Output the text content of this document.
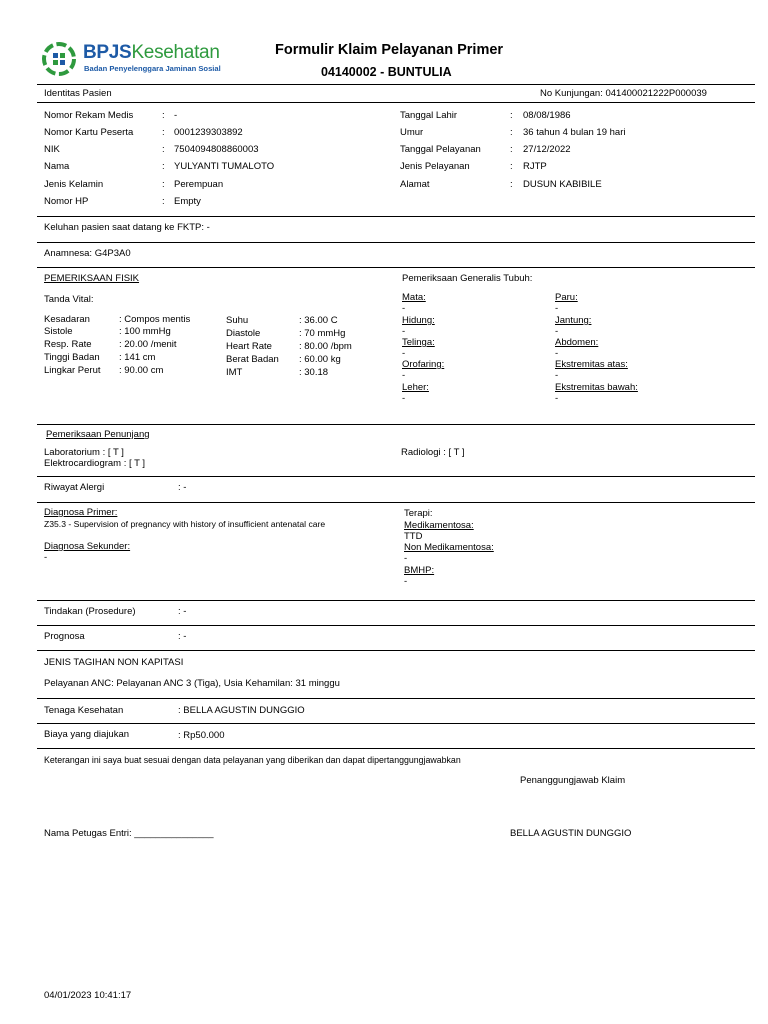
BPJSKesehatan
Badan Penyelenggara Jaminan Sosial
Formulir Klaim Pelayanan Primer
04140002 - BUNTULIA
Identitas Pasien	No Kunjungan: 041400021222P000039
Nomor Rekam Medis	: -
Nomor Kartu Peserta	: 0001239303892
NIK	: 7504094808860003
Nama	: YULYANTI TUMALOTO
Jenis Kelamin	: Perempuan
Nomor HP	: Empty
Tanggal Lahir	: 08/08/1986
Umur	: 36 tahun 4 bulan 19 hari
Tanggal Pelayanan	: 27/12/2022
Jenis Pelayanan	: RJTP
Alamat	: DUSUN KABIBILE
Keluhan pasien saat datang ke FKTP: -
Anamnesa: G4P3A0
PEMERIKSAAN FISIK	Pemeriksaan Generalis Tubuh:
Tanda Vital:
Kesadaran	: Compos mentis
Sistole	: 100 mmHg
Resp. Rate	: 20.00 /menit
Tinggi Badan : 141 cm
Lingkar Perut : 90.00 cm
Suhu	: 36.00 C
Diastole	: 70 mmHg
Heart Rate	: 80.00 /bpm
Berat Badan : 60.00 kg
IMT	: 30.18
Mata:
-
Hidung:
-
Telinga:
-
Orofaring:
-
Leher:
-
Paru:
-
Jantung:
-
Abdomen:
-
Ekstremitas atas:
-
Ekstremitas bawah:
-
Pemeriksaan Penunjang
Laboratorium : [ T ]
Elektrocardiogram : [ T ]
Radiologi : [ T ]
Riwayat Alergi	: -
Diagnosa Primer:
Z35.3 - Supervision of pregnancy with history of insufficient antenatal care
Diagnosa Sekunder:
-
Terapi:
Medikamentosa:
TTD
Non Medikamentosa:
-
BMHP:
-
Tindakan (Prosedure)	: -
Prognosa	: -
JENIS TAGIHAN NON KAPITASI
Pelayanan ANC: Pelayanan ANC 3 (Tiga), Usia Kehamilan: 31 minggu
Tenaga Kesehatan	: BELLA AGUSTIN DUNGGIO
Biaya yang diajukan	: Rp50.000
Keterangan ini saya buat sesuai dengan data pelayanan yang diberikan dan dapat dipertanggungjawabkan
Penanggungjawab Klaim
Nama Petugas Entri: _______________	BELLA AGUSTIN DUNGGIO
04/01/2023 10:41:17
